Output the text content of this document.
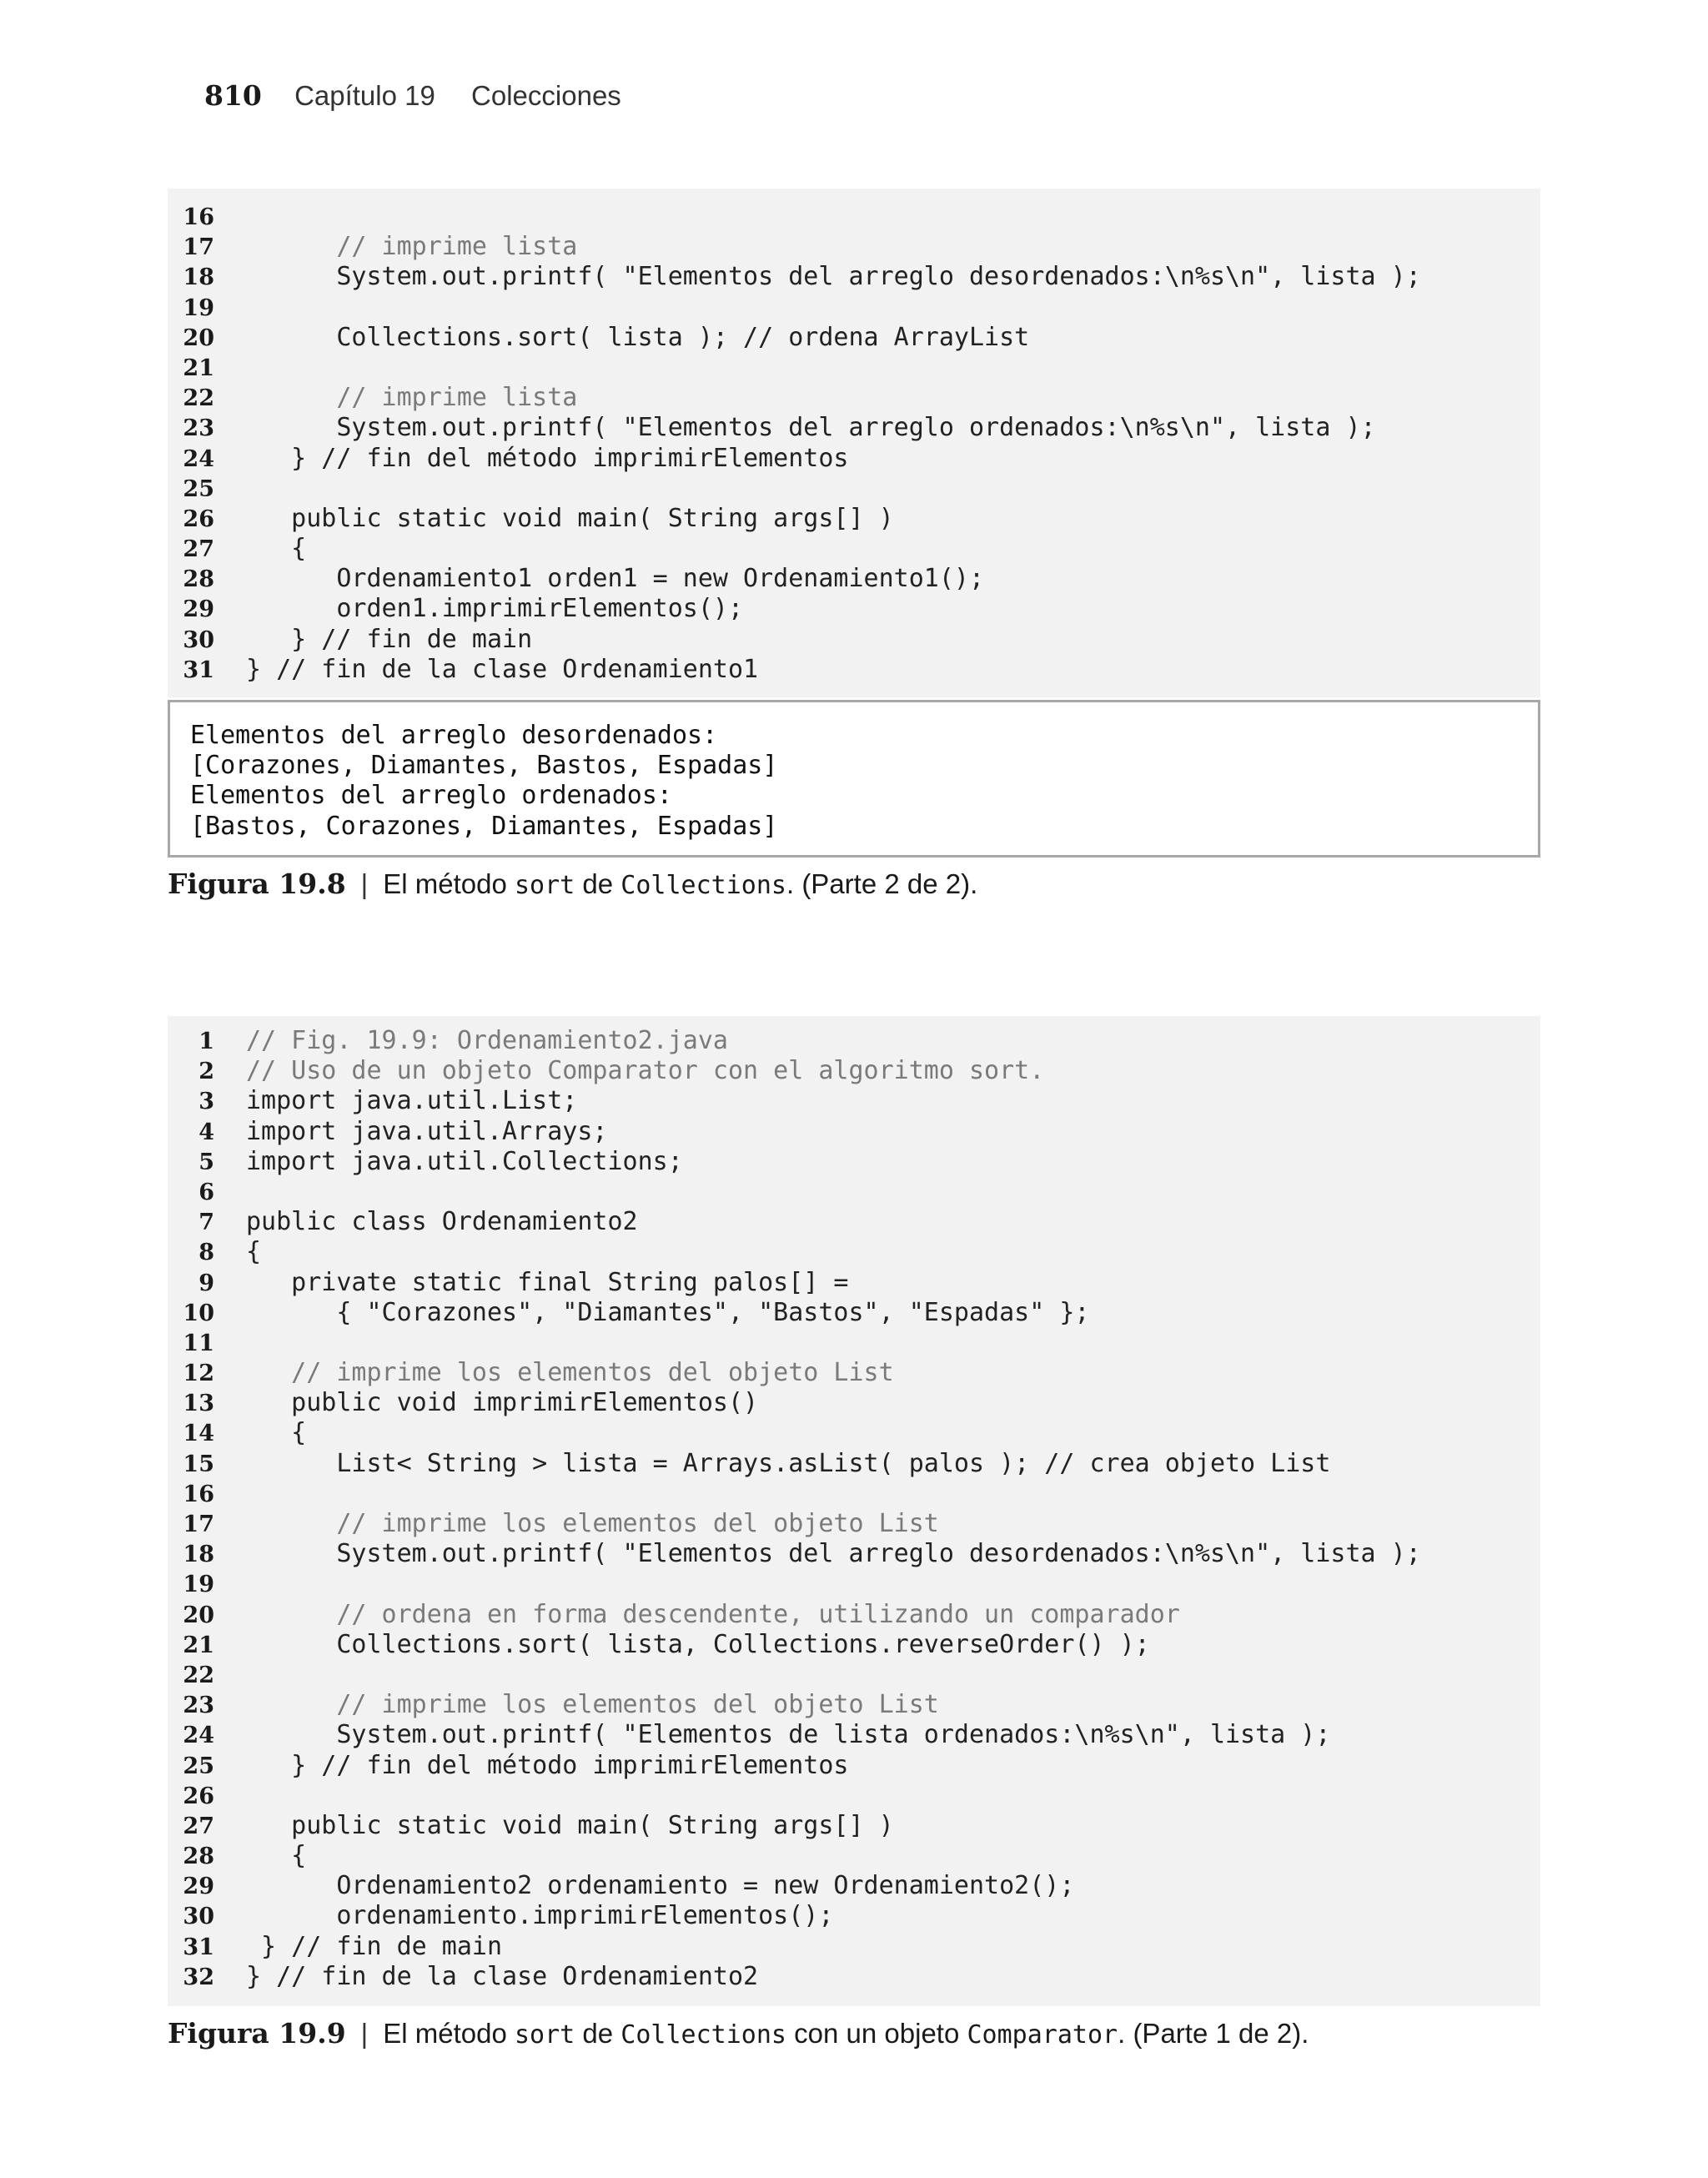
810 Capítulo 19 Colecciones
16
17      // imprime lista
18      System.out.printf( "Elementos del arreglo desordenados:\n%s\n", lista );
19
20      Collections.sort( lista ); // ordena ArrayList
21
22      // imprime lista
23      System.out.printf( "Elementos del arreglo ordenados:\n%s\n", lista );
24   } // fin del método imprimirElementos
25
26   public static void main( String args[] )
27   {
28      Ordenamiento1 orden1 = new Ordenamiento1();
29      orden1.imprimirElementos();
30   } // fin de main
31 } // fin de la clase Ordenamiento1
Elementos del arreglo desordenados:
[Corazones, Diamantes, Bastos, Espadas]
Elementos del arreglo ordenados:
[Bastos, Corazones, Diamantes, Espadas]
Figura 19.8 | El método sort de Collections. (Parte 2 de 2).
1 // Fig. 19.9: Ordenamiento2.java
2 // Uso de un objeto Comparator con el algoritmo sort.
3 import java.util.List;
4 import java.util.Arrays;
5 import java.util.Collections;
6
7 public class Ordenamiento2
8 {
9   private static final String palos[] =
10      { "Corazones", "Diamantes", "Bastos", "Espadas" };
11
12   // imprime los elementos del objeto List
13   public void imprimirElementos()
14   {
15      List< String > lista = Arrays.asList( palos ); // crea objeto List
16
17      // imprime los elementos del objeto List
18      System.out.printf( "Elementos del arreglo desordenados:\n%s\n", lista );
19
20      // ordena en forma descendente, utilizando un comparador
21      Collections.sort( lista, Collections.reverseOrder() );
22
23      // imprime los elementos del objeto List
24      System.out.printf( "Elementos de lista ordenados:\n%s\n", lista );
25   } // fin del método imprimirElementos
26
27   public static void main( String args[] )
28   {
29      Ordenamiento2 ordenamiento = new Ordenamiento2();
30      ordenamiento.imprimirElementos();
31 } // fin de main
32 } // fin de la clase Ordenamiento2
Figura 19.9 | El método sort de Collections con un objeto Comparator. (Parte 1 de 2).
